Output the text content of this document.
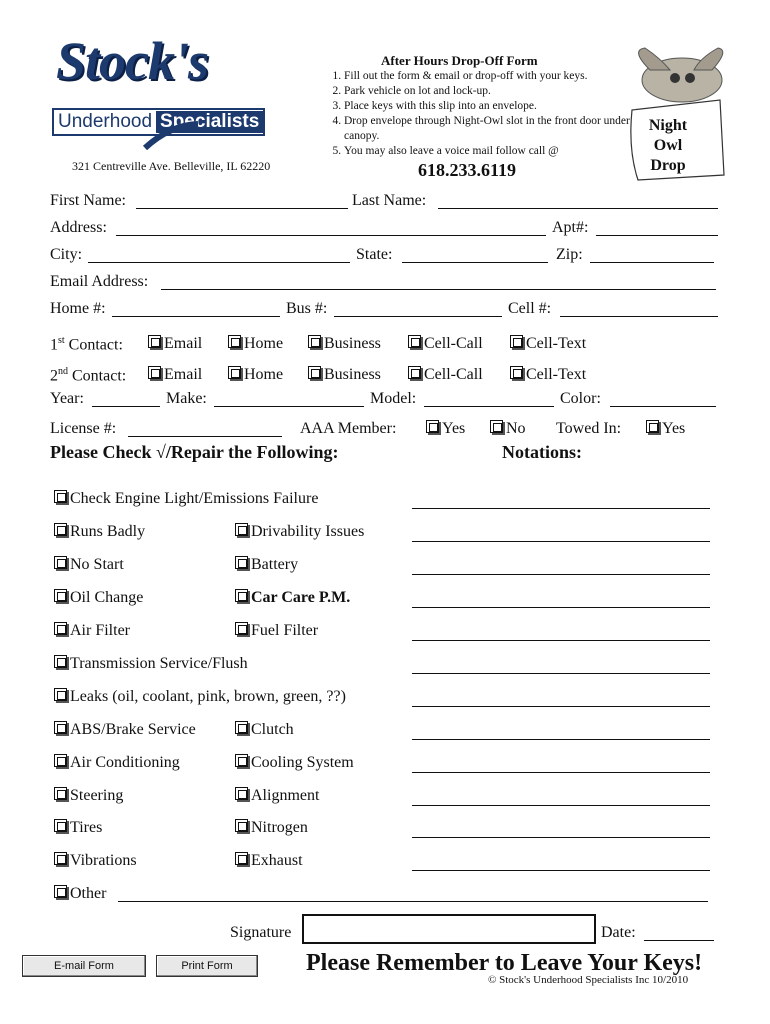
Stock's
Underhood Specialists
321 Centreville Ave. Belleville, IL 62220
After Hours Drop-Off Form
1. Fill out the form & email or drop-off with your keys.
2. Park vehicle on lot and lock-up.
3. Place keys with this slip into an envelope.
4. Drop envelope through Night-Owl slot in the front door under canopy.
5. You may also leave a voice mail follow call @
618.233.6119
Night
Owl
Drop
First Name:	Last Name:
Address:	Apt#:
City:	State:	Zip:
Email Address:
Home #:	Bus #:	Cell #:
1st Contact:	Email	Home	Business	Cell-Call	Cell-Text
2nd Contact:	Email	Home	Business	Cell-Call	Cell-Text
Year:	Make:	Model:	Color:
License #:	AAA Member:	Yes	No Towed In:	Yes
Please Check √/Repair the Following:	Notations:
Check Engine Light/Emissions Failure
Runs Badly	Drivability Issues
No Start	Battery
Oil Change	Car Care P.M.
Air Filter	Fuel Filter
Transmission Service/Flush
Leaks (oil, coolant, pink, brown, green, ??)
ABS/Brake Service	Clutch
Air Conditioning	Cooling System
Steering	Alignment
Tires	Nitrogen
Vibrations	Exhaust
Other
Signature	Date:
E-mail Form	Print Form	Please Remember to Leave Your Keys!
© Stock's Underhood Specialists Inc 10/2010
